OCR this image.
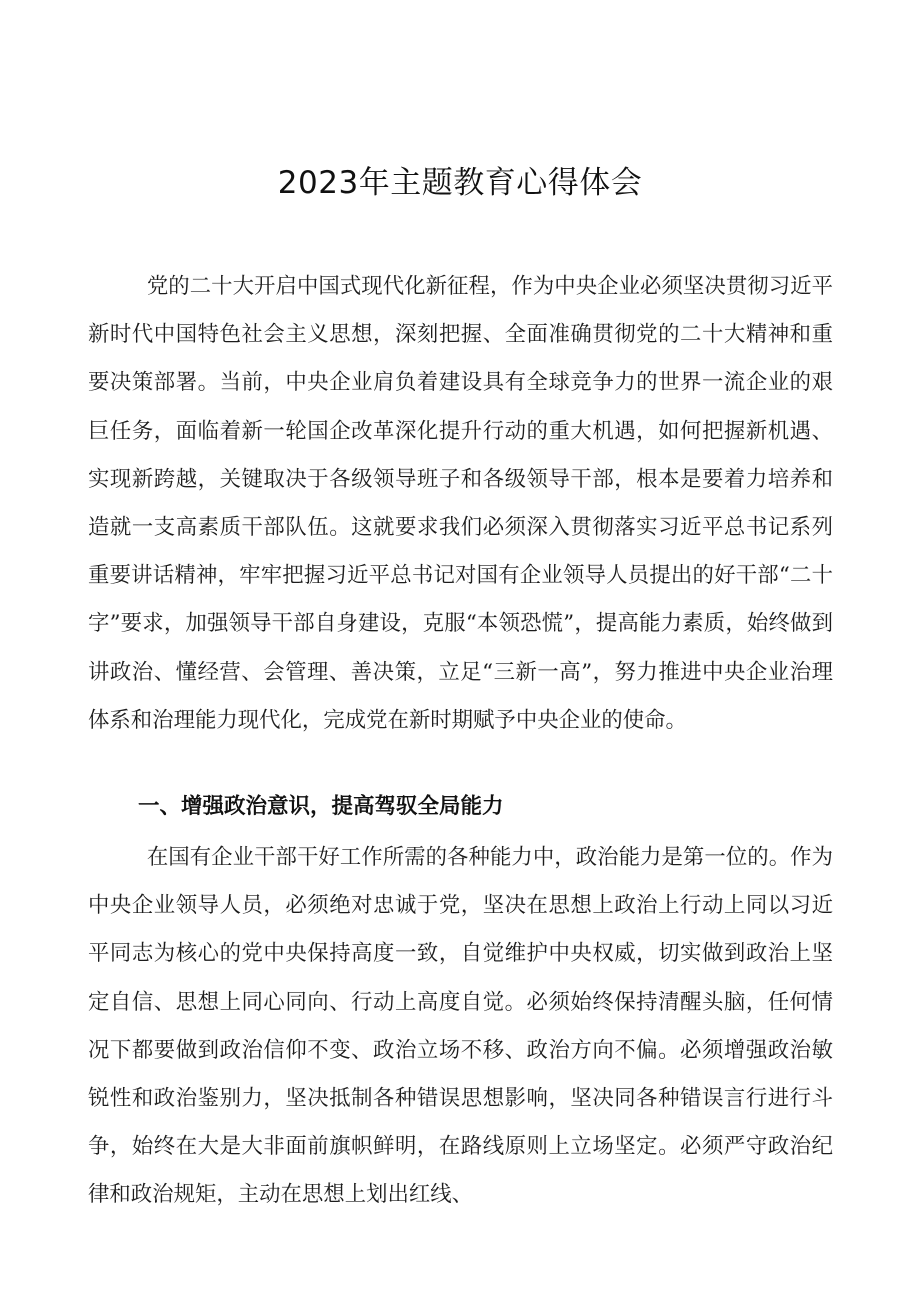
2023年主题教育心得体会

党的二十大开启中国式现代化新征程，作为中央企业必须坚决贯彻习近平新时代中国特色社会主义思想，深刻把握、全面准确贯彻党的二十大精神和重要决策部署。当前，中央企业肩负着建设具有全球竞争力的世界一流企业的艰巨任务，面临着新一轮国企改革深化提升行动的重大机遇，如何把握新机遇、实现新跨越，关键取决于各级领导班子和各级领导干部，根本是要着力培养和造就一支高素质干部队伍。这就要求我们必须深入贯彻落实习近平总书记系列重要讲话精神，牢牢把握习近平总书记对国有企业领导人员提出的好干部“二十字”要求，加强领导干部自身建设，克服“本领恐慌”，提高能力素质，始终做到讲政治、懂经营、会管理、善决策，立足“三新一高”，努力推进中央企业治理体系和治理能力现代化，完成党在新时期赋予中央企业的使命。

一、增强政治意识，提高驾驭全局能力

在国有企业干部干好工作所需的各种能力中，政治能力是第一位的。作为中央企业领导人员，必须绝对忠诚于党，坚决在思想上政治上行动上同以习近平同志为核心的党中央保持高度一致，自觉维护中央权威，切实做到政治上坚定自信、思想上同心同向、行动上高度自觉。必须始终保持清醒头脑，任何情况下都要做到政治信仰不变、政治立场不移、政治方向不偏。必须增强政治敏锐性和政治鉴别力，坚决抵制各种错误思想影响，坚决同各种错误言行进行斗争，始终在大是大非面前旗帜鲜明，在路线原则上立场坚定。必须严守政治纪律和政治规矩，主动在思想上划出红线、
